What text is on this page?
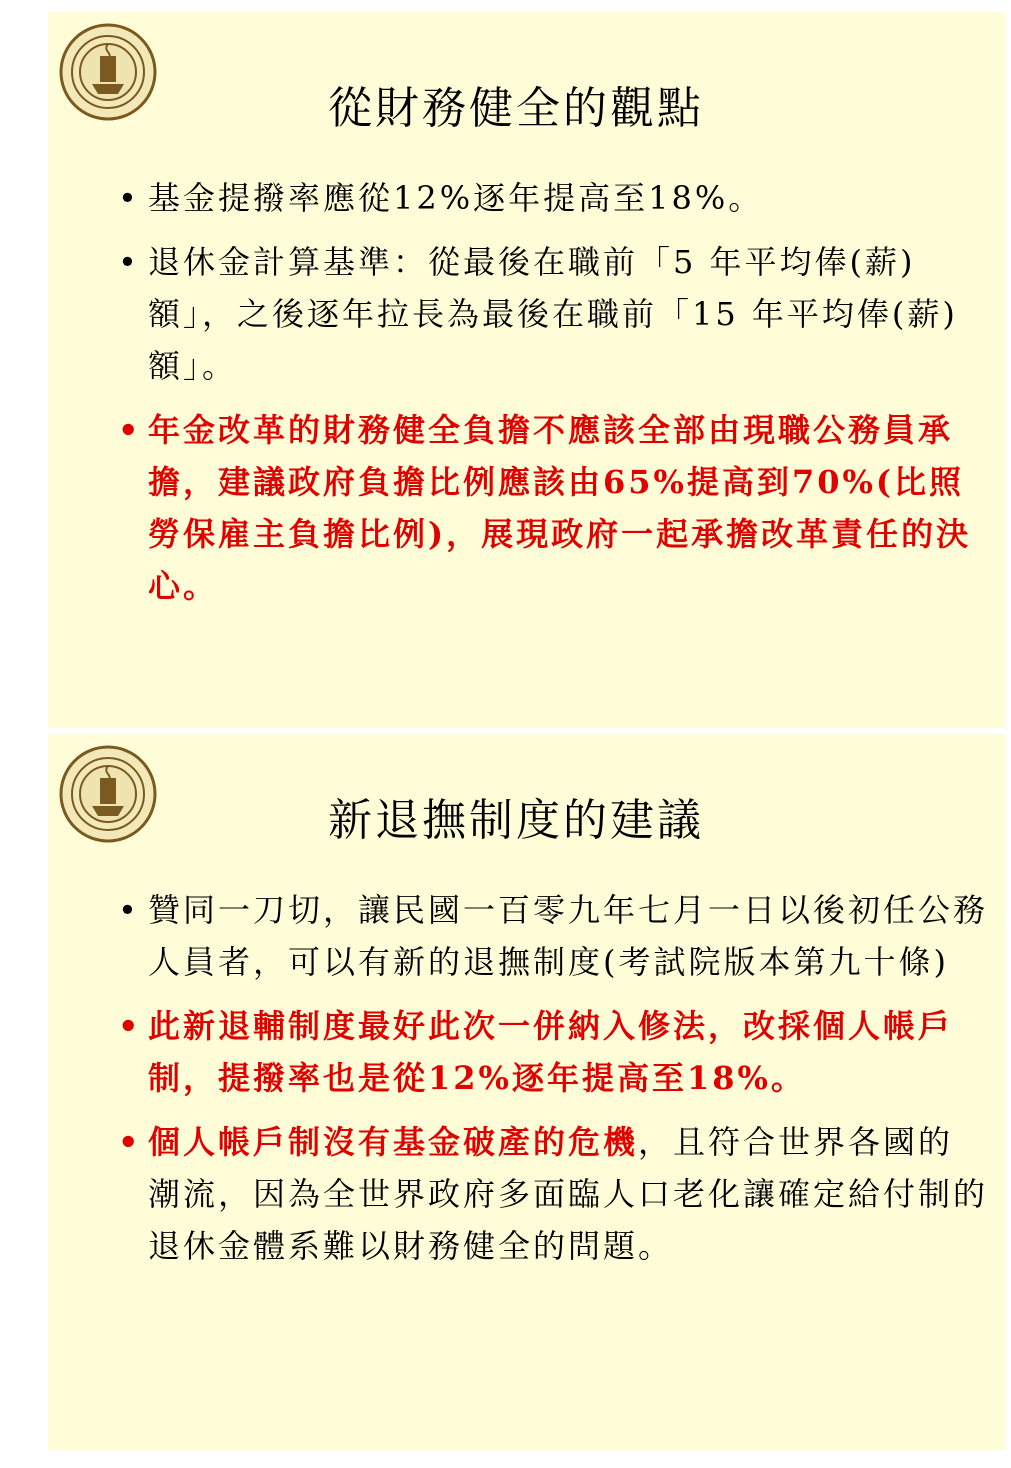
從財務健全的觀點
• 基金提撥率應從12%逐年提高至18%。
• 退休金計算基準：從最後在職前「5 年平均俸(薪)額」，之後逐年拉長為最後在職前「15 年平均俸(薪)額」。
• 年金改革的財務健全負擔不應該全部由現職公務員承擔，建議政府負擔比例應該由65%提高到70%(比照勞保雇主負擔比例)，展現政府一起承擔改革責任的決心。
新退撫制度的建議
• 贊同一刀切，讓民國一百零九年七月一日以後初任公務人員者，可以有新的退撫制度(考試院版本第九十條)
• 此新退輔制度最好此次一併納入修法，改採個人帳戶制，提撥率也是從12%逐年提高至18%。
• 個人帳戶制沒有基金破產的危機，且符合世界各國的潮流，因為全世界政府多面臨人口老化讓確定給付制的退休金體系難以財務健全的問題。
